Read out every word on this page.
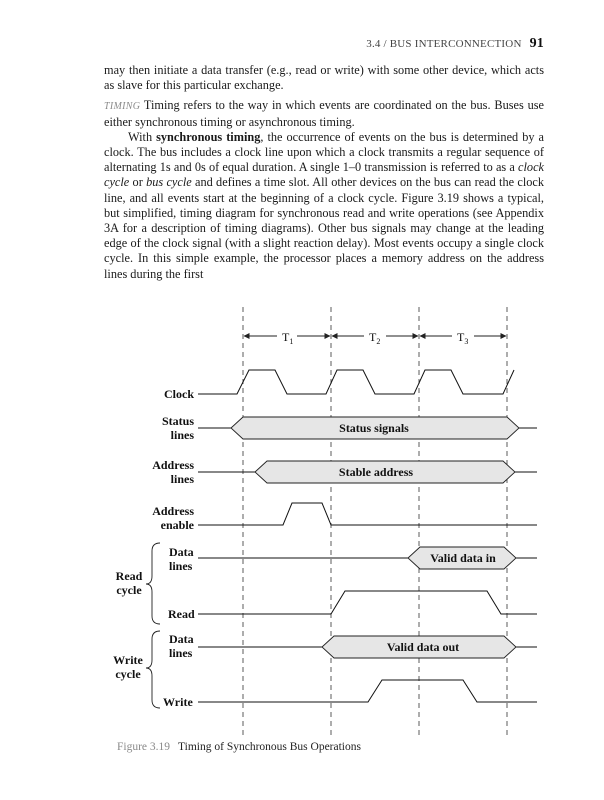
3.4 / BUS INTERCONNECTION 91

may then initiate a data transfer (e.g., read or write) with some other device, which acts as slave for this particular exchange.

TIMING Timing refers to the way in which events are coordinated on the bus. Buses use either synchronous timing or asynchronous timing.

With synchronous timing, the occurrence of events on the bus is determined by a clock. The bus includes a clock line upon which a clock transmits a regular sequence of alternating 1s and 0s of equal duration. A single 1–0 transmission is referred to as a clock cycle or bus cycle and defines a time slot. All other devices on the bus can read the clock line, and all events start at the beginning of a clock cycle. Figure 3.19 shows a typical, but simplified, timing diagram for synchronous read and write operations (see Appendix 3A for a description of timing diagrams). Other bus signals may change at the leading edge of the clock signal (with a slight reaction delay). Most events occupy a single clock cycle. In this simple example, the processor places a memory address on the address lines during the first

$T_1$	$T_2$	$T_3$
Clock
Status
lines
Address
lines
Address
enable
Data
lines
Read
Data
lines
Write
Read
cycle
Write
cycle
Status signals
Stable address
Valid data in
Valid data out
Figure 3.19 Timing of Synchronous Bus Operations
